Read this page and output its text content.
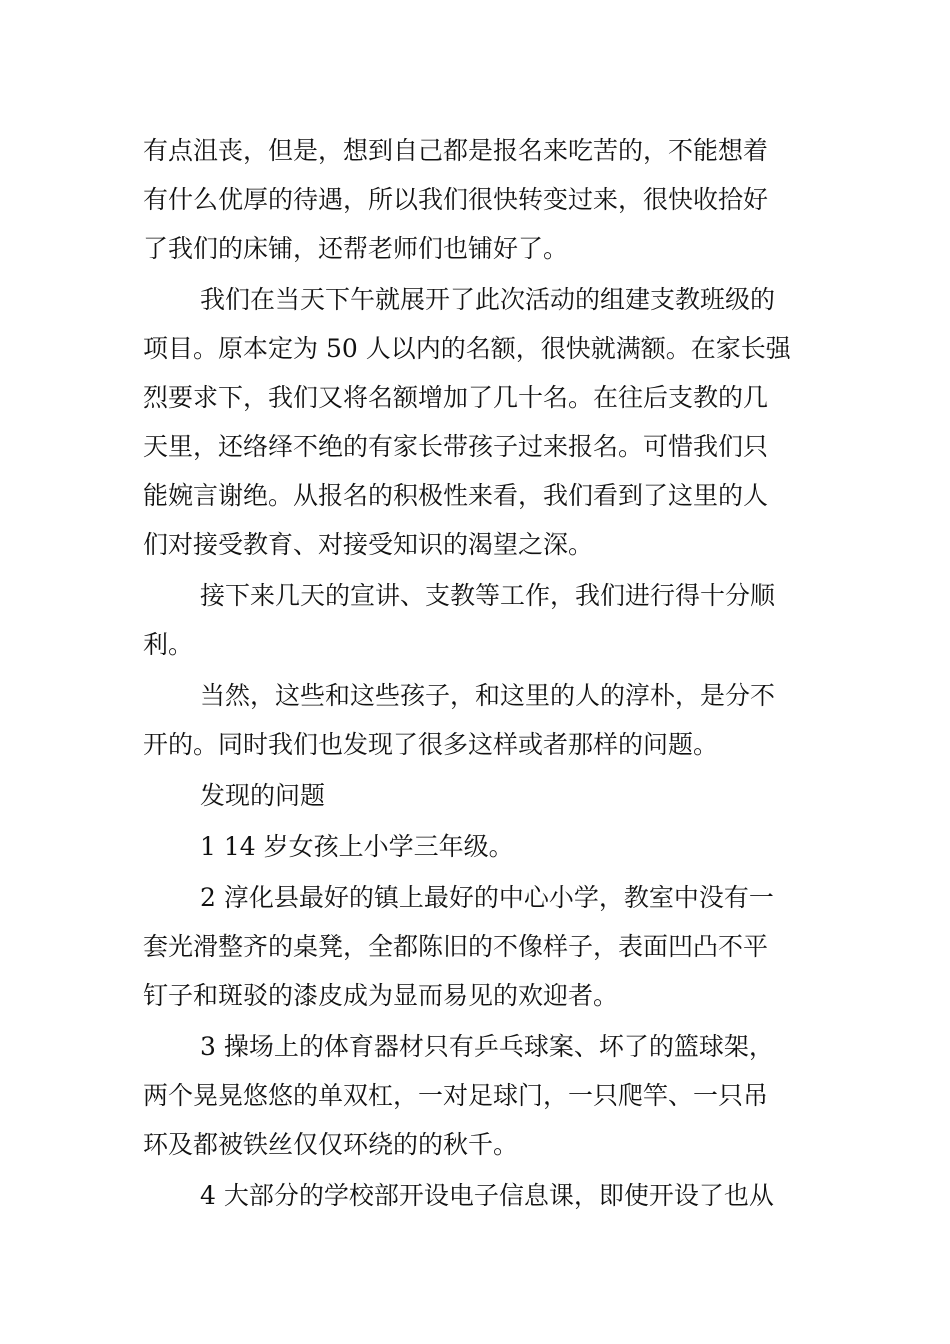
有点沮丧，但是，想到自己都是报名来吃苦的，不能想着
有什么优厚的待遇，所以我们很快转变过来，很快收拾好
了我们的床铺，还帮老师们也铺好了。
我们在当天下午就展开了此次活动的组建支教班级的
项目。原本定为 50 人以内的名额，很快就满额。在家长强
烈要求下，我们又将名额增加了几十名。在往后支教的几
天里，还络绎不绝的有家长带孩子过来报名。可惜我们只
能婉言谢绝。从报名的积极性来看，我们看到了这里的人
们对接受教育、对接受知识的渴望之深。
接下来几天的宣讲、支教等工作，我们进行得十分顺
利。
当然，这些和这些孩子，和这里的人的淳朴，是分不
开的。同时我们也发现了很多这样或者那样的问题。
发现的问题
1 14 岁女孩上小学三年级。
2 淳化县最好的镇上最好的中心小学，教室中没有一
套光滑整齐的桌凳，全都陈旧的不像样子，表面凹凸不平
钉子和斑驳的漆皮成为显而易见的欢迎者。
3 操场上的体育器材只有乒乓球案、坏了的篮球架，
两个晃晃悠悠的单双杠，一对足球门，一只爬竿、一只吊
环及都被铁丝仅仅环绕的的秋千。
4 大部分的学校部开设电子信息课，即使开设了也从
